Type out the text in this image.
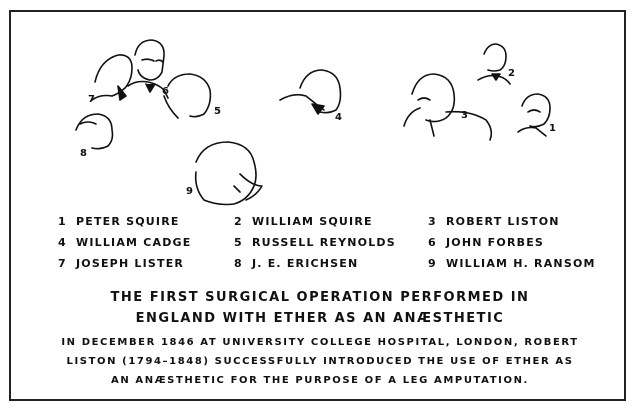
1
2
3
4
5
6
7
8
9
1 PETER SQUIRE	2 WILLIAM SQUIRE	3 ROBERT LISTON
4 WILLIAM CADGE	5 RUSSELL REYNOLDS	6 JOHN FORBES
7 JOSEPH LISTER	8 J. E. ERICHSEN	9 WILLIAM H. RANSOM
THE FIRST SURGICAL OPERATION PERFORMED IN
ENGLAND WITH ETHER AS AN ANÆSTHETIC
IN DECEMBER 1846 AT UNIVERSITY COLLEGE HOSPITAL, LONDON, ROBERT
LISTON (1794–1848) SUCCESSFULLY INTRODUCED THE USE OF ETHER AS
AN ANÆSTHETIC FOR THE PURPOSE OF A LEG AMPUTATION.
